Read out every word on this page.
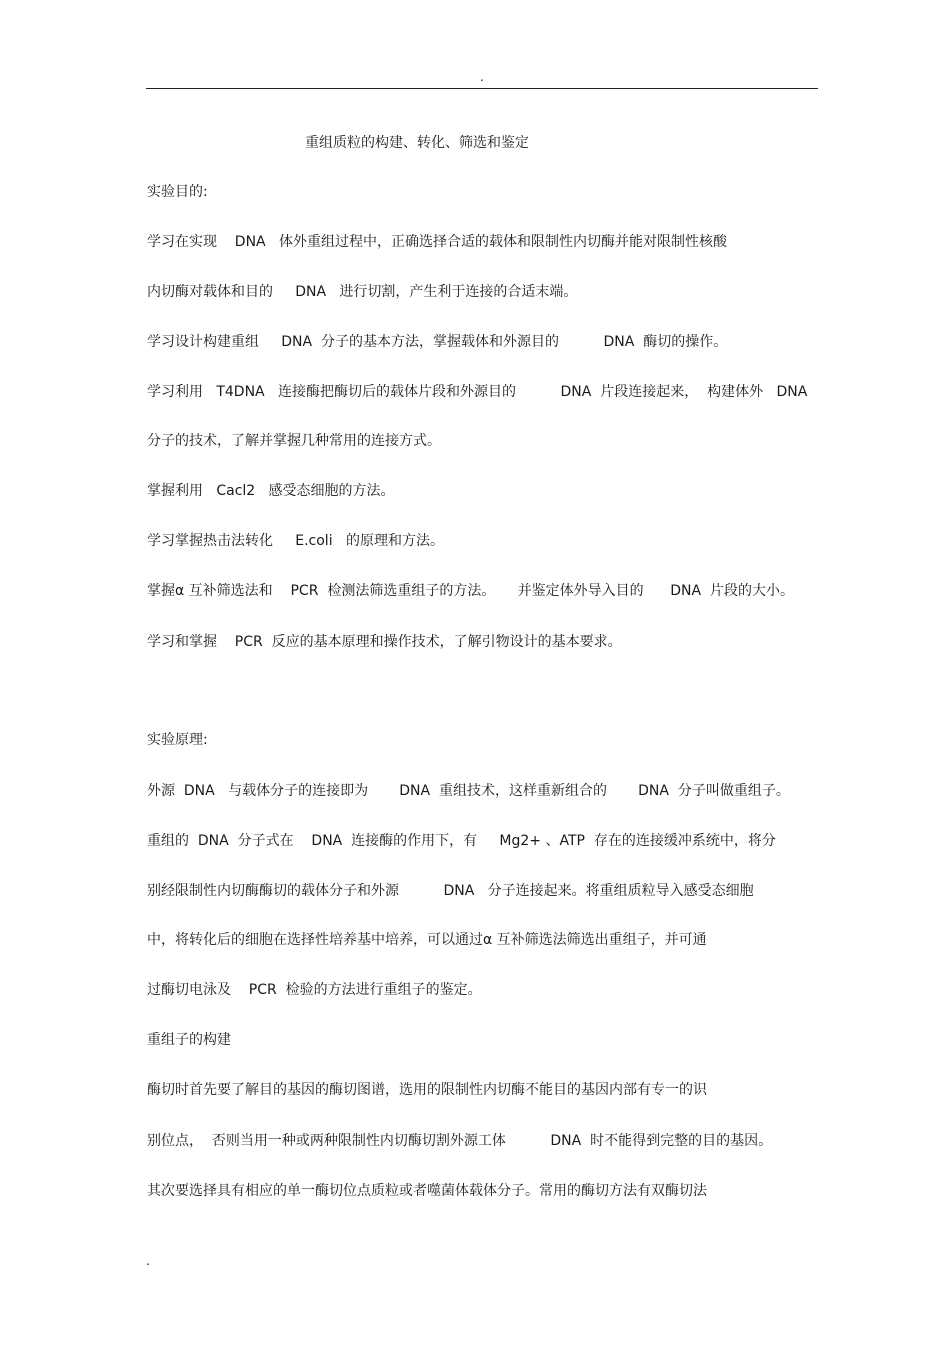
.
重组质粒的构建、转化、筛选和鉴定
实验目的:
学习在实现    DNA   体外重组过程中，正确选择合适的载体和限制性内切酶并能对限制性核酸
内切酶对载体和目的     DNA   进行切割，产生利于连接的合适末端。
学习设计构建重组     DNA  分子的基本方法，掌握载体和外源目的          DNA  酶切的操作。
学习利用   T4DNA   连接酶把酶切后的载体片段和外源目的          DNA  片段连接起来，  构建体外   DNA
分子的技术，了解并掌握几种常用的连接方式。
掌握利用   Cacl2   感受态细胞的方法。
学习掌握热击法转化     E.coli   的原理和方法。
掌握α 互补筛选法和    PCR  检测法筛选重组子的方法。     并鉴定体外导入目的      DNA  片段的大小。
学习和掌握    PCR  反应的基本原理和操作技术，了解引物设计的基本要求。
实验原理:
外源  DNA   与载体分子的连接即为       DNA  重组技术，这样重新组合的       DNA  分子叫做重组子。
重组的  DNA  分子式在    DNA  连接酶的作用下，有     Mg2+ 、ATP  存在的连接缓冲系统中，将分
别经限制性内切酶酶切的载体分子和外源          DNA   分子连接起来。将重组质粒导入感受态细胞
中，将转化后的细胞在选择性培养基中培养，可以通过α 互补筛选法筛选出重组子，并可通
过酶切电泳及    PCR  检验的方法进行重组子的鉴定。
重组子的构建
酶切时首先要了解目的基因的酶切图谱，选用的限制性内切酶不能目的基因内部有专一的识
别位点，  否则当用一种或两种限制性内切酶切割外源工体          DNA  时不能得到完整的目的基因。
其次要选择具有相应的单一酶切位点质粒或者噬菌体载体分子。常用的酶切方法有双酶切法
.
